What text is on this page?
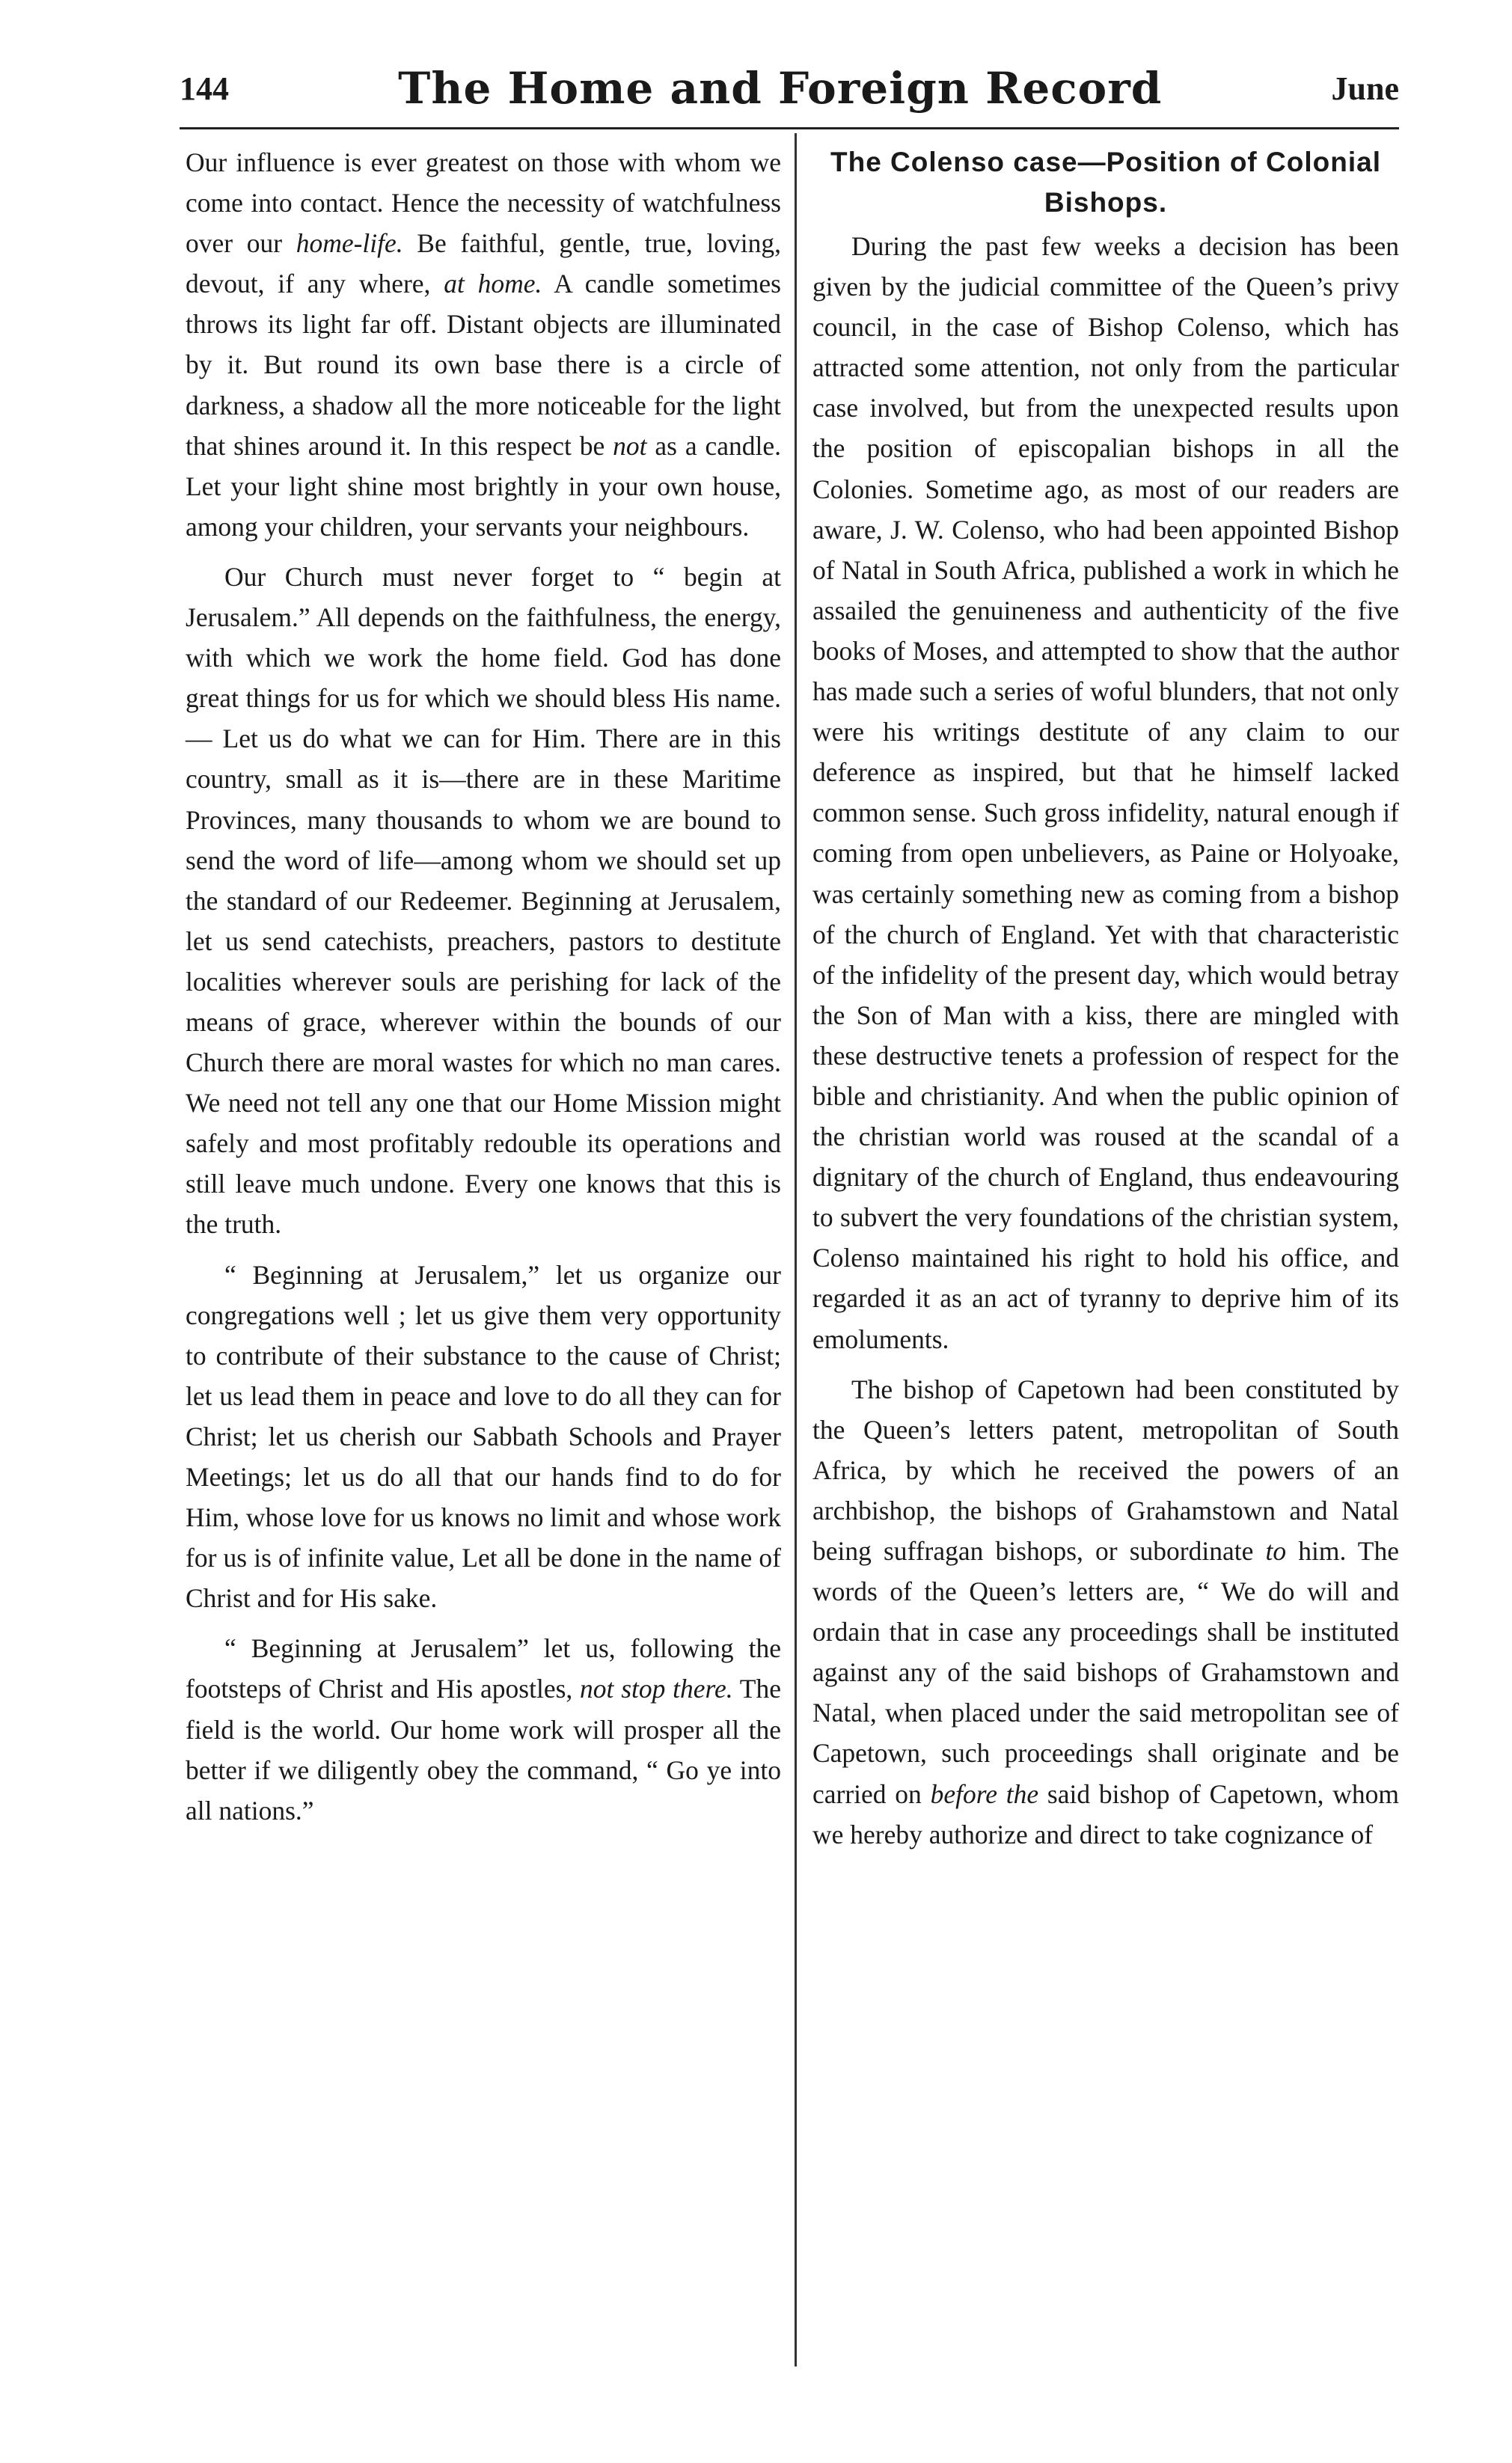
144	The Home and Foreign Record	June

Our influence is ever greatest on those with whom we come into contact. Hence the necessity of watchfulness over our home-life. Be faithful, gentle, true, loving, devout, if any where, at home. A candle sometimes throws its light far off. Distant objects are illuminated by it. But round its own base there is a circle of darkness, a shadow all the more noticeable for the light that shines around it. In this respect be not as a candle. Let your light shine most brightly in your own house, among your children, your servants your neighbours.

Our Church must never forget to “ begin at Jerusalem.” All depends on the faithfulness, the energy, with which we work the home field. God has done great things for us for which we should bless His name.— Let us do what we can for Him. There are in this country, small as it is—there are in these Maritime Provinces, many thousands to whom we are bound to send the word of life—among whom we should set up the standard of our Redeemer. Beginning at Jerusalem, let us send catechists, preachers, pastors to destitute localities wherever souls are perishing for lack of the means of grace, wherever within the bounds of our Church there are moral wastes for which no man cares. We need not tell any one that our Home Mission might safely and most profitably redouble its operations and still leave much undone. Every one knows that this is the truth.

“ Beginning at Jerusalem,” let us organize our congregations well ; let us give them very opportunity to contribute of their substance to the cause of Christ; let us lead them in peace and love to do all they can for Christ; let us cherish our Sabbath Schools and Prayer Meetings; let us do all that our hands find to do for Him, whose love for us knows no limit and whose work for us is of infinite value, Let all be done in the name of Christ and for His sake.

“ Beginning at Jerusalem” let us, following the footsteps of Christ and His apostles, not stop there. The field is the world. Our home work will prosper all the better if we diligently obey the command, “ Go ye into all nations.”

The Colenso case—Position of Colonial Bishops.

During the past few weeks a decision has been given by the judicial committee of the Queen’s privy council, in the case of Bishop Colenso, which has attracted some attention, not only from the particular case involved, but from the unexpected results upon the position of episcopalian bishops in all the Colonies. Sometime ago, as most of our readers are aware, J. W. Colenso, who had been appointed Bishop of Natal in South Africa, published a work in which he assailed the genuineness and authenticity of the five books of Moses, and attempted to show that the author has made such a series of woful blunders, that not only were his writings destitute of any claim to our deference as inspired, but that he himself lacked common sense. Such gross infidelity, natural enough if coming from open unbelievers, as Paine or Holyoake, was certainly something new as coming from a bishop of the church of England. Yet with that characteristic of the infidelity of the present day, which would betray the Son of Man with a kiss, there are mingled with these destructive tenets a profession of respect for the bible and christianity. And when the public opinion of the christian world was roused at the scandal of a dignitary of the church of England, thus endeavouring to subvert the very foundations of the christian system, Colenso maintained his right to hold his office, and regarded it as an act of tyranny to deprive him of its emoluments.

The bishop of Capetown had been constituted by the Queen’s letters patent, metropolitan of South Africa, by which he received the powers of an archbishop, the bishops of Grahamstown and Natal being suffragan bishops, or subordinate to him. The words of the Queen’s letters are, “ We do will and ordain that in case any proceedings shall be instituted against any of the said bishops of Grahamstown and Natal, when placed under the said metropolitan see of Capetown, such proceedings shall originate and be carried on before the said bishop of Capetown, whom we hereby authorize and direct to take cognizance of
